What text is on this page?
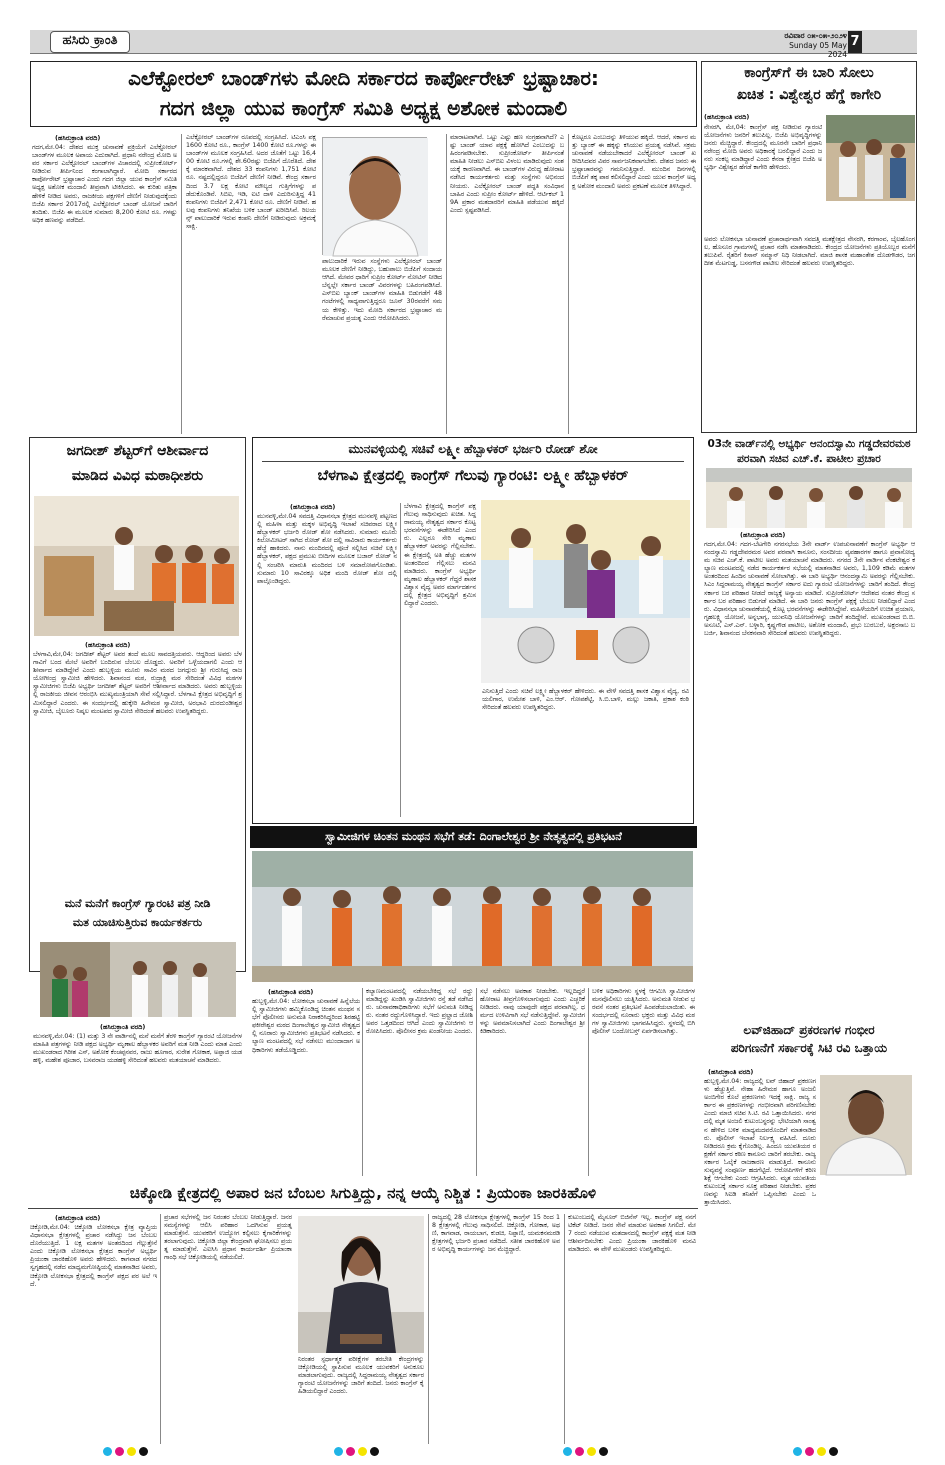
ಹಸಿರು ಕ್ರಾಂತಿ	ರವಿವಾರ ೦೫-೦೫-೨೦೨೪
Sunday 05 May 2024
7
ಎಲೆಕ್ಟೋರಲ್ ಬಾಂಡ್‌ಗಳು ಮೋದಿ ಸರ್ಕಾರದ ಕಾರ್ಪೋರೇಟ್ ಭ್ರಷ್ಟಾಚಾರ:
ಗದಗ ಜಿಲ್ಲಾ ಯುವ ಕಾಂಗ್ರೆಸ್ ಸಮಿತಿ ಅಧ್ಯಕ್ಷ ಅಶೋಕ ಮಂದಾಲಿ
(ಹಸಿರುಕ್ರಾಂತಿ ವರದಿ)
ಗದಗ,ಮೇ.04: ದೇಶದ ಮುಕ್ತ ಚುನಾವಣೆ ಪ್ರಕ್ರಿಯೆಗೆ ಎಲೆಕ್ಟೋರಲ್ ಬಾಂಡ್‌ಗಳ ಮೂಲಕ ಅಪಾಯ ಎದುರಾಗಿದೆ. ಪ್ರಧಾನಿ ನರೇಂದ್ರ ಮೋದಿ ಅವರ ಸರ್ಕಾರ ಎಲೆಕ್ಟೋರಲ್ ಬಾಂಡ್‌ಗಳ ವಿಚಾರದಲ್ಲಿ ಸುಪ್ರೀಂಕೋರ್ಟ್ ನೀಡಿರುವ ತೀರ್ಪಿನಿಂದ ಕಂಗಾಲಾಗಿದ್ದಾರೆ. ಮೋದಿ ಸರ್ಕಾರದ ಕಾರ್ಪೋರೇಟ್ ಭ್ರಷ್ಟಾಚಾರ ಎಂದು ಗದಗ ಜಿಲ್ಲಾ ಯುವ ಕಾಂಗ್ರೆಸ್ ಸಮಿತಿ ಅಧ್ಯಕ್ಷ ಅಶೋಕ ಮಂದಾಲಿ ತೀವ್ರವಾಗಿ ಟೀಕಿಸಿದರು. ಈ ಕುರಿತು ಪತ್ರಿಕಾ ಹೇಳಿಕೆ ನೀಡಿದ ಅವರು, ರಾಜಕೀಯ ಪಕ್ಷಗಳಿಗೆ ದೇಣಿಗೆ ನೀಡುವುದಕ್ಕೆಂದು ಬಿಜೆಪಿ ಸರ್ಕಾರ 2017ರಲ್ಲಿ ಎಲೆಕ್ಟೋರಲ್ ಬಾಂಡ್ ಯೋಜನೆ ಜಾರಿಗೆ ತಂದಿತು. ಬಿಜೆಪಿ ಈ ಮೂಲಕ ಸುಮಾರು 8,200 ಕೋಟಿ ರೂ. ಗಳಷ್ಟು ಅಧಿಕ ಹಣವನ್ನು ಪಡೆದಿದೆ.
ಎಲೆಕ್ಟೋರಲ್ ಬಾಂಡ್‌ಗಳ ರೂಪದಲ್ಲಿ ಸಂಗ್ರಹಿಸಿದೆ. ಟಿಎಂಸಿ ಪಕ್ಷ 1600 ಕೋಟಿ ರೂ., ಕಾಂಗ್ರೆಸ್ 1400 ಕೋಟಿ ರೂ.ಗಳನ್ನು ಈ ಬಾಂಡ್‌ಗಳ ಮೂಲಕ ಸಂಗ್ರಹಿಸಿದೆ. ಅದರ ಜೊತೆಗೆ ಒಟ್ಟು 16,400 ಕೋಟಿ ರೂ.ಗಳಲ್ಲಿ ಶೇ.60ರಷ್ಟು ಬಿಜೆಪಿಗೆ ದೊರೆತಿದೆ. ದೇಶಕ್ಕೆ ಮಾರಕವಾಗಿದೆ. ದೇಶದ 33 ಕಂಪನಿಗಳು 1,751 ಕೋಟಿ ರೂ. ನಷ್ಟದಲ್ಲಿದ್ದರೂ ಬಿಜೆಪಿಗೆ ದೇಣಿಗೆ ನೀಡಿವೆ. ಕೇಂದ್ರ ಸರ್ಕಾರದಿಂದ 3.7 ಲಕ್ಷ ಕೋಟಿ ಮೌಲ್ಯದ ಗುತ್ತಿಗೆಗಳನ್ನು ಪಡೆದುಕೊಂಡಿವೆ. ಸಿಬಿಐ, ಇಡಿ, ಐಟಿ ದಾಳಿ ಎದುರಿಸುತ್ತಿದ್ದ 41 ಕಂಪನಿಗಳು ಬಿಜೆಪಿಗೆ 2,471 ಕೋಟಿ ರೂ. ದೇಣಿಗೆ ನೀಡಿವೆ. ಹಲವು ಕಂಪನಿಗಳು ತನಿಖೆಯ ಬಳಿಕ ಬಾಂಡ್ ಖರೀದಿಸಿವೆ. ರಿಲಯನ್ಸ್ ಪಾಲುದಾರಿಕೆ ಇರುವ ಕಂಪನಿ ದೇಣಿಗೆ ನೀಡಿರುವುದು ಅಕ್ರಮಕ್ಕೆ ಸಾಕ್ಷಿ.
ಪಾಲುದಾರಿಕೆ ಇರುವ ಸಂಸ್ಥೆಗಳು ಎಲೆಕ್ಟೋರಲ್ ಬಾಂಡ್ ಮೂಲಕ ದೇಣಿಗೆ ನೀಡಿದ್ದು, ಬಹುಪಾಲು ಬಿಜೆಪಿಗೆ ಸಂದಾಯ ಆಗಿದೆ. ಮೇವರ ಧಾರಿಗೆ ಸುಪ್ರೀಂ ಕೋರ್ಟ್ ನೋಟಿಸ್ ನೀಡಿದ ಬೆನ್ನಲ್ಲೇ ಸರ್ಕಾರ ಬಾಂಡ್ ವಿವರಗಳನ್ನು ಬಹಿರಂಗಪಡಿಸಿದೆ. ಎಸ್‌ಬಿಐ ಬ್ಯಾಂಕ್ ಬಾಂಡ್‌ಗಳ ಮಾಹಿತಿ ಬಿಡುಗಡೆಗೆ 48 ಗಂಟೆಗಳಲ್ಲಿ ಸಾಧ್ಯವಾಗುತ್ತಿದ್ದರೂ ಜೂನ್ 30ರವರೆಗೆ ಸಮಯ ಕೇಳಿತ್ತು. ಇದು ಮೋದಿ ಸರ್ಕಾರದ ಭ್ರಷ್ಟಾಚಾರ ಮರೆಮಾಚುವ ಪ್ರಯತ್ನ ಎಂದು ಆರೋಪಿಸಿದರು.
ಮಾರಾಟವಾಗಿವೆ. ಒಟ್ಟು ಎಷ್ಟು ಹಣ ಸಂಗ್ರಹವಾಗಿದೆ? ಎಷ್ಟು ಬಾಂಡ್ ಯಾವ ಪಕ್ಷಕ್ಕೆ ಹೋಗಿದೆ ಎಂಬುದನ್ನು ಬಹಿರಂಗಪಡಿಸಬೇಕು. ಸುಪ್ರೀಂಕೋರ್ಟ್ ತೀರ್ಪಿನಂತೆ ಮಾಹಿತಿ ನೀಡಲು ಎಸ್‌ಬಿಐ ವಿಳಂಬ ಮಾಡಿರುವುದು ಸಂಶಯಕ್ಕೆ ಕಾರಣವಾಗಿದೆ. ಈ ಬಾಂಡ್‌ಗಳ ವಿರುದ್ಧ ಹೋರಾಟ ನಡೆಸಿದ ಕಾರ್ಯಕರ್ತರು ಮತ್ತು ಸಂಸ್ಥೆಗಳು ಅಭಿನಂದನೀಯರು. ಎಲೆಕ್ಟೋರಲ್ ಬಾಂಡ್ ಪದ್ಧತಿ ಸಂವಿಧಾನ ಬಾಹಿರ ಎಂದು ಸುಪ್ರೀಂ ಕೋರ್ಟ್ ಹೇಳಿದೆ. ಆರ್ಟಿಕಲ್ 19A ಪ್ರಕಾರ ಮತದಾರರಿಗೆ ಮಾಹಿತಿ ಪಡೆಯುವ ಹಕ್ಕಿದೆ ಎಂದು ಸ್ಪಷ್ಟಪಡಿಸಿದೆ.
ಕೊಟ್ಟರೂ ಎಂಬುದನ್ನು ತಿಳಿಯುವ ಹಕ್ಕಿದೆ. ಆದರೆ, ಸರ್ಕಾರ ಮತ್ತು ಬ್ಯಾಂಕ್ ಈ ಹಕ್ಕನ್ನು ಕಸಿಯುವ ಪ್ರಯತ್ನ ನಡೆಸಿವೆ. ಸಕ್ರಮ ಚುನಾವಣೆ ನಡೆಯಬೇಕಾದರೆ ಎಲೆಕ್ಟೋರಲ್ ಬಾಂಡ್ ಖರೀದಿಸಿದವರ ವಿವರ ಸಾರ್ವಜನಿಕವಾಗಬೇಕು. ದೇಶದ ಜನರು ಈ ಭ್ರಷ್ಟಾಚಾರವನ್ನು ಗಮನಿಸುತ್ತಿದ್ದಾರೆ. ಮುಂದಿನ ದಿನಗಳಲ್ಲಿ ಬಿಜೆಪಿಗೆ ತಕ್ಕ ಪಾಠ ಕಲಿಸಲಿದ್ದಾರೆ ಎಂದು ಯುವ ಕಾಂಗ್ರೆಸ್ ಅಧ್ಯಕ್ಷ ಅಶೋಕ ಮಂದಾಲಿ ಅವರು ಪ್ರಕಟಣೆ ಮೂಲಕ ತಿಳಿಸಿದ್ದಾರೆ.
ಕಾಂಗ್ರೆಸ್‌ಗೆ ಈ ಬಾರಿ ಸೋಲು
ಖಚಿತ : ವಿಶ್ವೇಶ್ವರ ಹೆಗ್ಡೆ ಕಾಗೇರಿ
(ಹಸಿರುಕ್ರಾಂತಿ ವರದಿ)
ನೇಸರಗಿ, ಮೇ,04: ಕಾಂಗ್ರೆಸ್ ಪಕ್ಷ ನೀಡಿರುವ ಗ್ಯಾರಂಟಿ ಯೋಜನೆಗಳು ಜನರಿಗೆ ತಲುಪಿಲ್ಲ. ಬಿಜೆಪಿ ಅಭಿವೃದ್ಧಿಗಳನ್ನು ಜನರು ಮೆಚ್ಚಿದ್ದಾರೆ. ಕೇಂದ್ರದಲ್ಲಿ ಮೂರನೇ ಬಾರಿಗೆ ಪ್ರಧಾನಿ ನರೇಂದ್ರ ಮೋದಿ ಅವರು ಅಧಿಕಾರಕ್ಕೆ ಬರಲಿದ್ದಾರೆ ಎಂದು ಜನರು ಸಂಕಲ್ಪ ಮಾಡಿದ್ದಾರೆ ಎಂದು ಕೆನರಾ ಕ್ಷೇತ್ರದ ಬಿಜೆಪಿ ಅಭ್ಯರ್ಥಿ ವಿಶ್ವೇಶ್ವರ ಹೆಗಡೆ ಕಾಗೇರಿ ಹೇಳಿದರು.
ಅವರು ಲೋಕಸಭಾ ಚುನಾವಣೆ ಪ್ರಚಾರಾರ್ಥವಾಗಿ ಸವದತ್ತಿ ಮತಕ್ಷೇತ್ರದ ನೇಸರಗಿ, ಕರಗಾಂವ, ಬೈಲಹೊಂಗಲ, ಹೊಸೂರ ಗ್ರಾಮಗಳಲ್ಲಿ ಪ್ರಚಾರ ನಡೆಸಿ ಮಾತನಾಡಿದರು. ಕೇಂದ್ರದ ಯೋಜನೆಗಳು ಪ್ರತಿಯೊಬ್ಬರ ಮನೆಗೆ ತಲುಪಿವೆ. ರೈತರಿಗೆ ಕಿಸಾನ್ ಸಮ್ಮಾನ್ ನಿಧಿ ನೀಡಲಾಗಿದೆ. ಮಾಜಿ ಶಾಸಕ ಮಹಾಂತೇಶ ದೊಡಗೌಡರ, ಜಗದೀಶ ಮೆಟಗುಡ್ಡ, ಬಸನಗೌಡ ಪಾಟೀಲ ಸೇರಿದಂತೆ ಹಲವರು ಉಪಸ್ಥಿತರಿದ್ದರು.
03ನೇ ವಾರ್ಡ್‌ನಲ್ಲಿ ಅಭ್ಯರ್ಥಿ ಆನಂದಸ್ವಾಮಿ ಗಡ್ಡದೇವರಮಠ
ಪರವಾಗಿ ಸಚಿವ ಎಚ್.ಕೆ. ಪಾಟೀಲ ಪ್ರಚಾರ
(ಹಸಿರುಕ್ರಾಂತಿ ವರದಿ)
ಗದಗ,ಮೇ.04: ಗದಗ-ಬೆಟಗೇರಿ ನಗರಸಭೆಯ 3ನೇ ವಾರ್ಡ್ ಉಪಚುನಾವಣೆಗೆ ಕಾಂಗ್ರೆಸ್ ಅಭ್ಯರ್ಥಿ ಆನಂದಸ್ವಾಮಿ ಗಡ್ಡದೇವರಮಠ ಅವರ ಪರವಾಗಿ ಕಾನೂನು, ಸಂಸದೀಯ ವ್ಯವಹಾರಗಳ ಹಾಗೂ ಪ್ರವಾಸೋದ್ಯಮ ಸಚಿವ ಎಚ್.ಕೆ. ಪಾಟೀಲ ಅವರು ಮತಯಾಚನೆ ಮಾಡಿದರು. ನಗರದ 3ನೇ ವಾರ್ಡಿನ ವೆಂಕಟೇಶ್ವರ ಕಲ್ಯಾಣ ಮಂಟಪದಲ್ಲಿ ನಡೆದ ಕಾರ್ಯಕರ್ತರ ಸಭೆಯಲ್ಲಿ ಮಾತನಾಡಿದ ಅವರು, 1,109 ಕಡಿಮೆ ಮತಗಳ ಅಂತರದಿಂದ ಹಿಂದಿನ ಚುನಾವಣೆ ಸೋಲಾಗಿತ್ತು. ಈ ಬಾರಿ ಅಭ್ಯರ್ಥಿ ಆನಂದಸ್ವಾಮಿ ಅವರನ್ನು ಗೆಲ್ಲಿಸಬೇಕು. ಸಿಎಂ ಸಿದ್ದರಾಮಯ್ಯ ನೇತೃತ್ವದ ಕಾಂಗ್ರೆಸ್ ಸರ್ಕಾರ ಐದು ಗ್ಯಾರಂಟಿ ಯೋಜನೆಗಳನ್ನು ಜಾರಿಗೆ ತಂದಿದೆ. ಕೇಂದ್ರ ಸರ್ಕಾರ ಬರ ಪರಿಹಾರ ನೀಡದೆ ರಾಜ್ಯಕ್ಕೆ ಅನ್ಯಾಯ ಮಾಡಿದೆ. ಸುಪ್ರೀಂಕೋರ್ಟ್ ಆದೇಶದ ನಂತರ ಕೇಂದ್ರ ಸರ್ಕಾರ ಬರ ಪರಿಹಾರ ಬಿಡುಗಡೆ ಮಾಡಿದೆ. ಈ ಬಾರಿ ಜನರು ಕಾಂಗ್ರೆಸ್ ಪಕ್ಷಕ್ಕೆ ಬೆಂಬಲ ನೀಡಲಿದ್ದಾರೆ ಎಂದರು. ವಿಧಾನಸಭಾ ಚುನಾವಣೆಯಲ್ಲಿ ಕೊಟ್ಟ ಭರವಸೆಗಳನ್ನು ಈಡೇರಿಸಿದ್ದೇವೆ. ಮಹಿಳೆಯರಿಗೆ ಉಚಿತ ಪ್ರಯಾಣ, ಗೃಹಲಕ್ಷ್ಮಿ ಯೋಜನೆ, ಅನ್ನಭಾಗ್ಯ, ಯುವನಿಧಿ ಯೋಜನೆಗಳನ್ನು ಜಾರಿಗೆ ತಂದಿದ್ದೇವೆ. ಮುಖಂಡರಾದ ಬಿ.ಬಿ. ಅಸೂಟಿ, ಎಸ್.ಎನ್. ಬಳ್ಳಾರಿ, ಕೃಷ್ಣಗೌಡ ಪಾಟೀಲ, ಅಶೋಕ ಮಂದಾಲಿ, ಪ್ರಭು ಬುರಬುರೆ, ಅಕ್ಬರಸಾಬ ಬಬರ್ಜಿ, ಶಿವಾನಂದ ಬೆನಕನವಾರಿ ಸೇರಿದಂತೆ ಹಲವರು ಉಪಸ್ಥಿತರಿದ್ದರು.
ಲವ್‌ಜಿಹಾದ್ ಪ್ರಕರಣಗಳ ಗಂಭೀರ
ಪರಿಗಣನೆಗೆ ಸರ್ಕಾರಕ್ಕೆ ಸಿಟಿ ರವಿ ಒತ್ತಾಯ
(ಹಸಿರುಕ್ರಾಂತಿ ವರದಿ)
ಹುಬ್ಬಳ್ಳಿ,ಮೇ.04: ರಾಜ್ಯದಲ್ಲಿ ಲವ್ ಜಿಹಾದ್ ಪ್ರಕರಣಗಳು ಹೆಚ್ಚುತ್ತಿವೆ. ನೇಹಾ ಹಿರೇಮಠ ಹಾಗೂ ಅಂಜಲಿ ಅಂಬಿಗೇರ ಕೊಲೆ ಪ್ರಕರಣಗಳು ಇದಕ್ಕೆ ಸಾಕ್ಷಿ. ರಾಜ್ಯ ಸರ್ಕಾರ ಈ ಪ್ರಕರಣಗಳನ್ನು ಗಂಭೀರವಾಗಿ ಪರಿಗಣಿಸಬೇಕು ಎಂದು ಮಾಜಿ ಸಚಿವ ಸಿ.ಟಿ. ರವಿ ಒತ್ತಾಯಿಸಿದರು. ನಗರದಲ್ಲಿ ಮೃತ ಅಂಜಲಿ ಕುಟುಂಬಸ್ಥರನ್ನು ಭೇಟಿಯಾಗಿ ಸಾಂತ್ವನ ಹೇಳಿದ ಬಳಿಕ ಮಾಧ್ಯಮದವರೊಂದಿಗೆ ಮಾತನಾಡಿದರು. ಪೊಲೀಸ್ ಇಲಾಖೆ ನಿರ್ಲಕ್ಷ್ಯ ವಹಿಸಿದೆ. ದೂರು ನೀಡಿದರೂ ಕ್ರಮ ಕೈಗೊಂಡಿಲ್ಲ. ಹಿಂದೂ ಯುವತಿಯರ ರಕ್ಷಣೆಗೆ ಸರ್ಕಾರ ಕಠಿಣ ಕಾನೂನು ಜಾರಿಗೆ ತರಬೇಕು. ರಾಜ್ಯ ಸರ್ಕಾರ ಓಲೈಕೆ ರಾಜಕಾರಣ ಮಾಡುತ್ತಿದೆ. ಕಾನೂನು ಸುವ್ಯವಸ್ಥೆ ಸಂಪೂರ್ಣ ಹದಗೆಟ್ಟಿದೆ. ಆರೋಪಿಗಳಿಗೆ ಕಠಿಣ ಶಿಕ್ಷೆ ಆಗಬೇಕು ಎಂದು ಆಗ್ರಹಿಸಿದರು. ಮೃತ ಯುವತಿಯ ಕುಟುಂಬಕ್ಕೆ ಸರ್ಕಾರ ಸೂಕ್ತ ಪರಿಹಾರ ನೀಡಬೇಕು. ಪ್ರಕರಣವನ್ನು ಸಿಐಡಿ ತನಿಖೆಗೆ ಒಪ್ಪಿಸಬೇಕು ಎಂದು ಒತ್ತಾಯಿಸಿದರು.
ಜಗದೀಶ್ ಶೆಟ್ಟರ್‌ಗೆ ಆಶೀರ್ವಾದ
ಮಾಡಿದ ವಿವಿಧ ಮಠಾಧೀಶರು
(ಹಸಿರುಕ್ರಾಂತಿ ವರದಿ)
ಬೆಳಗಾವಿ,ಮೇ,04: ಜಗದೀಶ್ ಶೆಟ್ಟರ್ ಅವರ ತಂದೆ ಮೂಲ ಸಾವದತ್ತಿಯವರು. ಆದ್ದರಿಂದ ಅವರು ಬೆಳಗಾವಿಗೆ ಬಂದ ಮೇಲೆ ಅವರಿಗೆ ಬಂದಿರುವ ಬೆಂಬಲ ದೊಡ್ಡದು. ಅವರಿಗೆ ಒಳ್ಳೆಯದಾಗಲಿ ಎಂದು ಆಶೀರ್ವಾದ ಮಾಡಿದ್ದೇವೆ ಎಂದು ಹುಬ್ಬಳ್ಳಿಯ ಮೂರು ಸಾವಿರ ಮಠದ ಜಗದ್ಗುರು ಶ್ರೀ ಗುರುಸಿದ್ಧ ರಾಜಯೋಗೀಂದ್ರ ಸ್ವಾಮೀಜಿ ಹೇಳಿದರು. ಶಿವಾನಂದ ಮಠ, ರುದ್ರಾಕ್ಷಿ ಮಠ ಸೇರಿದಂತೆ ವಿವಿಧ ಮಠಗಳ ಸ್ವಾಮೀಜಿಗಳು ಬಿಜೆಪಿ ಅಭ್ಯರ್ಥಿ ಜಗದೀಶ್ ಶೆಟ್ಟರ್ ಅವರಿಗೆ ಆಶೀರ್ವಾದ ಮಾಡಿದರು. ಅವರು ಹುಬ್ಬಳ್ಳಿಯಲ್ಲಿ ರಾಜಕೀಯ ಜೀವನ ಆರಂಭಿಸಿ ಮುಖ್ಯಮಂತ್ರಿಯಾಗಿ ಸೇವೆ ಸಲ್ಲಿಸಿದ್ದಾರೆ. ಬೆಳಗಾವಿ ಕ್ಷೇತ್ರದ ಅಭಿವೃದ್ಧಿಗೆ ಶ್ರಮಿಸಲಿದ್ದಾರೆ ಎಂದರು. ಈ ಸಂದರ್ಭದಲ್ಲಿ ಹುಕ್ಕೇರಿ ಹಿರೇಮಠ ಸ್ವಾಮೀಜಿ, ಅರಭಾವಿ ದುರದುಂಡೀಶ್ವರ ಸ್ವಾಮೀಜಿ, ಬೈಲೂರು ನಿಷ್ಕಲ ಮಂಟಪದ ಸ್ವಾಮೀಜಿ ಸೇರಿದಂತೆ ಹಲವರು ಉಪಸ್ಥಿತರಿದ್ದರು.
ಮನೆ ಮನೆಗೆ ಕಾಂಗ್ರೆಸ್ ಗ್ಯಾರಂಟಿ ಪತ್ರ ನೀಡಿ
ಮತ ಯಾಚಿಸುತ್ತಿರುವ ಕಾರ್ಯಕರ್ತರು
(ಹಸಿರುಕ್ರಾಂತಿ ವರದಿ)
ಮುನವಳ್ಳಿ,ಮೇ.04: (1) ಮತ್ತು 3 ನೇ ವಾರ್ಡಿನಲ್ಲಿ ಮನೆ ಮನೆಗೆ ತೆರಳಿ ಕಾಂಗ್ರೆಸ್ ಗ್ಯಾರಂಟಿ ಯೋಜನೆಗಳ ಮಾಹಿತಿ ಪತ್ರಗಳನ್ನು ನೀಡಿ ಪಕ್ಷದ ಅಭ್ಯರ್ಥಿ ಮೃಣಾಲ ಹೆಬ್ಬಾಳಕರ ಅವರಿಗೆ ಮತ ನೀಡಿ ಎಂದು ಮಾತ ಎಂದು ಮುಖಂಡರಾದ ಗಿರೀಶ ಎಸ್, ಅಶೋಕ ಕೆಂಚಪ್ಪನವರ, ರಾಜು ಹೂಗಾರ, ಸುರೇಶ ಗೋಕಾಕ, ಅಪ್ಪಾಜಿ ಯಡಹಳ್ಳಿ, ಮಹೇಶ ಪೂಜಾರ, ಬಸವರಾಜ ಯಡಹಳ್ಳಿ ಸೇರಿದಂತೆ ಹಲವರು ಮತಯಾಚನೆ ಮಾಡಿದರು.
ಮುನವಳ್ಳಿಯಲ್ಲಿ ಸಚಿವೆ ಲಕ್ಷ್ಮೀ ಹೆಬ್ಬಾಳಕರ್ ಭರ್ಜರಿ ರೋಡ್ ಶೋ
ಬೆಳಗಾವಿ ಕ್ಷೇತ್ರದಲ್ಲಿ ಕಾಂಗ್ರೆಸ್ ಗೆಲುವು ಗ್ಯಾರಂಟಿ: ಲಕ್ಷ್ಮೀ ಹೆಬ್ಬಾಳಕರ್
(ಹಸಿರುಕ್ರಾಂತಿ ವರದಿ)
ಮುನವಳ್ಳಿ,ಮೇ.04 ಸವದತ್ತಿ ವಿಧಾನಸಭಾ ಕ್ಷೇತ್ರದ ಮುನವಳ್ಳಿ ಪಟ್ಟಣದಲ್ಲಿ ಮಹಿಳಾ ಮತ್ತು ಮಕ್ಕಳ ಅಭಿವೃದ್ಧಿ ಇಲಾಖೆ ಸಚಿವರಾದ ಲಕ್ಷ್ಮೀ ಹೆಬ್ಬಾಳಕರ್ ಭರ್ಜರಿ ರೋಡ್ ಶೋ ನಡೆಸಿದರು. ಸುಮಾರು ಮೂರು ಕಿಲೋಮೀಟರ್ ಸಾಗಿದ ರೋಡ್ ಶೋ ದಲ್ಲಿ ಸಾವಿರಾರು ಕಾರ್ಯಕರ್ತರು ಹೆಜ್ಜೆ ಹಾಕಿದರು. ನಾನು ಮಂದಿರದಲ್ಲಿ ಪೂಜೆ ಸಲ್ಲಿಸಿದ ಸಚಿವೆ ಲಕ್ಷ್ಮೀ ಹೆಬ್ಬಾಳಕರ್, ಪಕ್ಷದ ಪ್ರಮುಖ ಬೀದಿಗಳ ಮೂಲಕ ಬಜಾರ್ ರೋಡ್ ನಲ್ಲಿ ಸಂಚರಿಸಿ ಮಾರುತಿ ಮಂದಿರದ ಬಳಿ ಸಮಾರೋಪಗೊಂಡಿತು. ಸುಮಾರು 10 ಸಾವಿರಕ್ಕೂ ಅಧಿಕ ಮಂದಿ ರೋಡ್ ಶೋ ದಲ್ಲಿ ಪಾಲ್ಗೊಂಡಿದ್ದರು.
ಬೆಳಗಾವಿ ಕ್ಷೇತ್ರದಲ್ಲಿ ಕಾಂಗ್ರೆಸ್ ಪಕ್ಷ ಗೆಲುವು ಸಾಧಿಸುವುದು ಖಚಿತ. ಸಿದ್ದರಾಮಯ್ಯ ನೇತೃತ್ವದ ಸರ್ಕಾರ ಕೊಟ್ಟ ಭರವಸೆಗಳನ್ನು ಈಡೇರಿಸಿದೆ ಎಂದರು. ಎಲ್ಲರೂ ಸೇರಿ ಮೃಣಾಲ ಹೆಬ್ಬಾಳಕರ್ ಅವರನ್ನು ಗೆಲ್ಲಿಸಬೇಕು. ಈ ಕ್ಷೇತ್ರದಲ್ಲಿ ಅತಿ ಹೆಚ್ಚು ಮತಗಳ ಅಂತರದಿಂದ ಗೆಲ್ಲಿಸಲು ಮನವಿ ಮಾಡಿದರು. ಕಾಂಗ್ರೆಸ್ ಅಭ್ಯರ್ಥಿ ಮೃಣಾಲ ಹೆಬ್ಬಾಳಕರ್ ಗೆದ್ದರೆ ಶಾಸಕ ವಿಶ್ವಾಸ ವೈದ್ಯ ಅವರ ಮಾರ್ಗದರ್ಶನದಲ್ಲಿ ಕ್ಷೇತ್ರದ ಅಭಿವೃದ್ಧಿಗೆ ಶ್ರಮಿಸಲಿದ್ದಾರೆ ಎಂದರು.
ಎನಿಸುತ್ತಿದೆ ಎಂದು ಸಚಿವೆ ಲಕ್ಷ್ಮೀ ಹೆಬ್ಬಾಳಕರ್ ಹೇಳಿದರು. ಈ ವೇಳೆ ಸವದತ್ತಿ ಶಾಸಕ ವಿಶ್ವಾಸ ವೈದ್ಯ, ರವಿ ಯಲಿಗಾರ, ಉಮೇಶ ಬಾಳಿ, ಎಂ.ಆರ್. ಗೋಪಶೆಟ್ಟಿ, ಸಿ.ಬಿ.ಬಾಳಿ, ಮಲ್ಲು ಜಕಾತಿ, ಪ್ರಕಾಶ ಕಂಠಿ ಸೇರಿದಂತೆ ಹಲವರು ಉಪಸ್ಥಿತರಿದ್ದರು.
ಸ್ವಾಮೀಜಿಗಳ ಚಿಂತನ ಮಂಥನ ಸಭೆಗೆ ತಡೆ: ದಿಂಗಾಲೇಶ್ವರ ಶ್ರೀ ನೇತೃತ್ವದಲ್ಲಿ ಪ್ರತಿಭಟನೆ
(ಹಸಿರುಕ್ರಾಂತಿ ವರದಿ)
ಹುಬ್ಬಳ್ಳಿ,ಮೇ.04: ಲೋಕಸಭಾ ಚುನಾವಣೆ ಹಿನ್ನೆಲೆಯಲ್ಲಿ ಸ್ವಾಮೀಜಿಗಳು ಹಮ್ಮಿಕೊಂಡಿದ್ದ ಚಿಂತನ ಮಂಥನ ಸಭೆಗೆ ಪೊಲೀಸರು ಅನುಮತಿ ನಿರಾಕರಿಸಿದ್ದರಿಂದ ಶಿರಹಟ್ಟಿ ಫಕೀರೇಶ್ವರ ಮಠದ ದಿಂಗಾಲೇಶ್ವರ ಸ್ವಾಮೀಜಿ ನೇತೃತ್ವದಲ್ಲಿ ನೂರಾರು ಸ್ವಾಮೀಜಿಗಳು ಪ್ರತಿಭಟನೆ ನಡೆಸಿದರು. ಕಲ್ಯಾಣ ಮಂಟಪದಲ್ಲಿ ಸಭೆ ನಡೆಸಲು ಮುಂದಾದಾಗ ಅಧಿಕಾರಿಗಳು ತಡೆಯೊಡ್ಡಿದರು.
ಕಲ್ಯಾಣಮಂಟಪದಲ್ಲಿ ನಡೆಯಬೇಕಿದ್ದ ಸಭೆ ರದ್ದು ಮಾಡಿದ್ದನ್ನು ಖಂಡಿಸಿ ಸ್ವಾಮೀಜಿಗಳು ರಸ್ತೆ ತಡೆ ನಡೆಸಿದರು. ಚುನಾವಣಾಧಿಕಾರಿಗಳು ಸಭೆಗೆ ಅನುಮತಿ ನೀಡಿದ್ದರು. ನಂತರ ರದ್ದುಗೊಳಿಸಿದ್ದಾರೆ. ಇದು ಪ್ರಲ್ಹಾದ ಜೋಶಿ ಅವರ ಒತ್ತಡದಿಂದ ಆಗಿದೆ ಎಂದು ಸ್ವಾಮೀಜಿಗಳು ಆರೋಪಿಸಿದರು. ಪೊಲೀಸರ ಕ್ರಮ ಖಂಡನೀಯ ಎಂದರು.
ಸಭೆ ನಡೆಸಲು ಅವಕಾಶ ನೀಡಬೇಕು. ಇಲ್ಲದಿದ್ದರೆ ಹೋರಾಟ ತೀವ್ರಗೊಳಿಸಲಾಗುವುದು ಎಂದು ಎಚ್ಚರಿಕೆ ನೀಡಿದರು. ನಾವು ಯಾವುದೇ ಪಕ್ಷದ ಪರವಾಗಿಲ್ಲ. ಧರ್ಮದ ಉಳಿವಿಗಾಗಿ ಸಭೆ ನಡೆಸುತ್ತಿದ್ದೇವೆ. ಸ್ವಾಮೀಜಿಗಳನ್ನು ಅವಮಾನಿಸಲಾಗಿದೆ ಎಂದು ದಿಂಗಾಲೇಶ್ವರ ಶ್ರೀ ಕಿಡಿಕಾರಿದರು.
ಬಳಿಕ ಅಧಿಕಾರಿಗಳು ಸ್ಥಳಕ್ಕೆ ಆಗಮಿಸಿ ಸ್ವಾಮೀಜಿಗಳ ಮನವೊಲಿಸಲು ಯತ್ನಿಸಿದರು. ಅನುಮತಿ ನೀಡುವ ಭರವಸೆ ನಂತರ ಪ್ರತಿಭಟನೆ ಹಿಂಪಡೆಯಲಾಯಿತು. ಈ ಸಂದರ್ಭದಲ್ಲಿ ನೂರಾರು ಭಕ್ತರು ಮತ್ತು ವಿವಿಧ ಮಠಗಳ ಸ್ವಾಮೀಜಿಗಳು ಭಾಗವಹಿಸಿದ್ದರು. ಸ್ಥಳದಲ್ಲಿ ಬಿಗಿ ಪೊಲೀಸ್ ಬಂದೋಬಸ್ತ್ ಏರ್ಪಡಿಸಲಾಗಿತ್ತು.
ಚಿಕ್ಕೋಡಿ ಕ್ಷೇತ್ರದಲ್ಲಿ ಅಪಾರ ಜನ ಬೆಂಬಲ ಸಿಗುತ್ತಿದ್ದು, ನನ್ನ ಆಯ್ಕೆ ನಿಶ್ಚಿತ : ಪ್ರಿಯಂಕಾ ಜಾರಕಿಹೊಳಿ
(ಹಸಿರುಕ್ರಾಂತಿ ವರದಿ)
ಚಿಕ್ಕೋಡಿ,ಮೇ.04: ಚಿಕ್ಕೋಡಿ ಲೋಕಸಭಾ ಕ್ಷೇತ್ರ ವ್ಯಾಪ್ತಿಯ ವಿಧಾನಸಭಾ ಕ್ಷೇತ್ರಗಳಲ್ಲಿ ಪ್ರಚಾರ ನಡೆಸಿದ್ದು ಜನ ಬೆಂಬಲ ದೊರೆಯುತ್ತಿದೆ. 1 ಲಕ್ಷ ಮತಗಳ ಅಂತರದಿಂದ ಗೆಲ್ಲುತ್ತೇನೆ ಎಂದು ಚಿಕ್ಕೋಡಿ ಲೋಕಸಭಾ ಕ್ಷೇತ್ರದ ಕಾಂಗ್ರೆಸ್ ಅಭ್ಯರ್ಥಿ ಪ್ರಿಯಂಕಾ ಜಾರಕಿಹೊಳಿ ಅವರು ಹೇಳಿದರು. ಕಾಗವಾಡ ನಗರದ ಸ್ವಗೃಹದಲ್ಲಿ ನಡೆದ ಮಾಧ್ಯಮಗೋಷ್ಠಿಯಲ್ಲಿ ಮಾತನಾಡಿದ ಅವರು, ಚಿಕ್ಕೋಡಿ ಲೋಕಸಭಾ ಕ್ಷೇತ್ರದಲ್ಲಿ ಕಾಂಗ್ರೆಸ್ ಪಕ್ಷದ ಪರ ಅಲೆ ಇದೆ.
ಪ್ರಚಾರ ಸಭೆಗಳಲ್ಲಿ ಜನ ನಿರಂತರ ಬೆಂಬಲ ನೀಡುತ್ತಿದ್ದಾರೆ. ಜನರ ಸಮಸ್ಯೆಗಳನ್ನು ಆಲಿಸಿ ಪರಿಹಾರ ಒದಗಿಸುವ ಪ್ರಯತ್ನ ಮಾಡುತ್ತೇನೆ. ಯುವಕರಿಗೆ ಉದ್ಯೋಗ ಕಲ್ಪಿಸಲು ಕೈಗಾರಿಕೆಗಳನ್ನು ತರಲಾಗುವುದು. ಚಿಕ್ಕೋಡಿ ಜಿಲ್ಲಾ ಕೇಂದ್ರವಾಗಿ ಘೋಷಿಸಲು ಪ್ರಯತ್ನ ಮಾಡುತ್ತೇನೆ. ಎಐಸಿಸಿ ಪ್ರಧಾನ ಕಾರ್ಯದರ್ಶಿ ಪ್ರಿಯಾಂಕಾ ಗಾಂಧಿ ಸಭೆ ಚಿಕ್ಕೋಡಿಯಲ್ಲಿ ನಡೆಯಲಿದೆ.
ನಿರಂತರ ಸ್ಪರ್ಧಾತ್ಮಕ ಪರೀಕ್ಷೆಗಳ ತರಬೇತಿ ಕೇಂದ್ರಗಳನ್ನು ಚಿಕ್ಕೋಡಿಯಲ್ಲಿ ಸ್ಥಾಪಿಸುವ ಮೂಲಕ ಯುವಕರಿಗೆ ಅನುಕೂಲ ಮಾಡಲಾಗುವುದು. ರಾಜ್ಯದಲ್ಲಿ ಸಿದ್ದರಾಮಯ್ಯ ನೇತೃತ್ವದ ಸರ್ಕಾರ ಗ್ಯಾರಂಟಿ ಯೋಜನೆಗಳನ್ನು ಜಾರಿಗೆ ತಂದಿದೆ. ಜನರು ಕಾಂಗ್ರೆಸ್ ಕೈ ಹಿಡಿಯಲಿದ್ದಾರೆ ಎಂದರು.
ರಾಜ್ಯದಲ್ಲಿ 28 ಲೋಕಸಭಾ ಕ್ಷೇತ್ರಗಳಲ್ಲಿ ಕಾಂಗ್ರೆಸ್ 15 ರಿಂದ 18 ಕ್ಷೇತ್ರಗಳಲ್ಲಿ ಗೆಲುವು ಸಾಧಿಸಲಿದೆ. ಚಿಕ್ಕೋಡಿ, ಗೋಕಾಕ, ಅಥಣಿ, ಕಾಗವಾಡ, ರಾಯಬಾಗ, ಕುಡಚಿ, ನಿಪ್ಪಾಣಿ, ಯಮಕನಮರಡಿ ಕ್ಷೇತ್ರಗಳಲ್ಲಿ ಭರ್ಜರಿ ಪ್ರಚಾರ ನಡೆದಿದೆ. ಸತೀಶ ಜಾರಕಿಹೊಳಿ ಅವರ ಅಭಿವೃದ್ಧಿ ಕಾರ್ಯಗಳನ್ನು ಜನ ಮೆಚ್ಚಿದ್ದಾರೆ.
ಕುಟುಂಬದಲ್ಲಿ ಮೈಸೂರ್ ಬಿಜಿನೆಸ್ ಇಲ್ಲ. ಕಾಂಗ್ರೆಸ್ ಪಕ್ಷ ನನಗೆ ಟಿಕೆಟ್ ನೀಡಿದೆ. ಜನರ ಸೇವೆ ಮಾಡುವ ಅವಕಾಶ ಸಿಗಲಿದೆ. ಮೇ 7 ರಂದು ನಡೆಯುವ ಮತದಾನದಲ್ಲಿ ಕಾಂಗ್ರೆಸ್ ಪಕ್ಷಕ್ಕೆ ಮತ ನೀಡಿ ಆಶೀರ್ವದಿಸಬೇಕು ಎಂದು ಪ್ರಿಯಂಕಾ ಜಾರಕಿಹೊಳಿ ಮನವಿ ಮಾಡಿದರು. ಈ ವೇಳೆ ಮುಖಂಡರು ಉಪಸ್ಥಿತರಿದ್ದರು.
